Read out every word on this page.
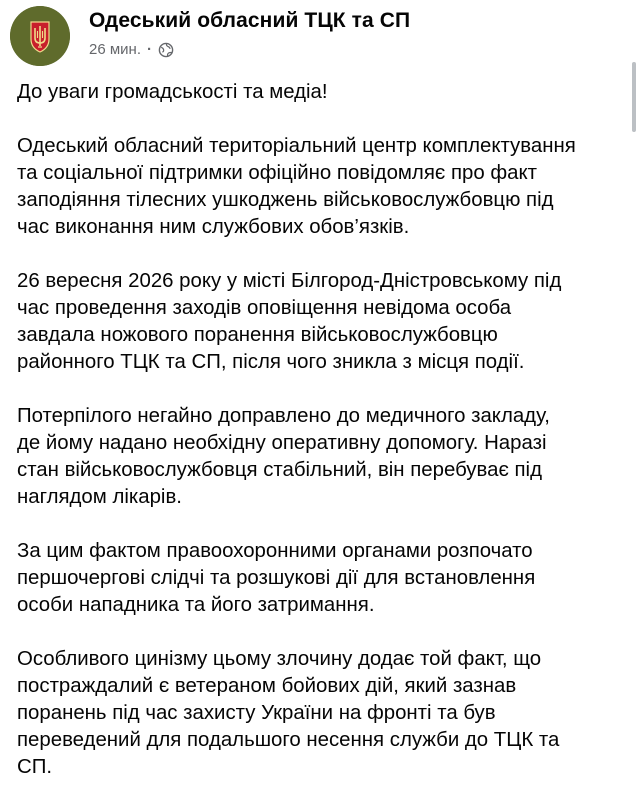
Одеський обласний ТЦК та СП
26 мин. ·

До уваги громадськості та медіа!

Одеський обласний територіальний центр комплектування
та соціальної підтримки офіційно повідомляє про факт
заподіяння тілесних ушкоджень військовослужбовцю під
час виконання ним службових обов’язків.

26 вересня 2026 року у місті Білгород-Дністровському під
час проведення заходів оповіщення невідома особа
завдала ножового поранення військовослужбовцю
районного ТЦК та СП, після чого зникла з місця події.

Потерпілого негайно доправлено до медичного закладу,
де йому надано необхідну оперативну допомогу. Наразі
стан військовослужбовця стабільний, він перебуває під
наглядом лікарів.

За цим фактом правоохоронними органами розпочато
першочергові слідчі та розшукові дії для встановлення
особи нападника та його затримання.

Особливого цинізму цьому злочину додає той факт, що
постраждалий є ветераном бойових дій, який зазнав
поранень під час захисту України на фронті та був
переведений для подальшого несення служби до ТЦК та
СП.
